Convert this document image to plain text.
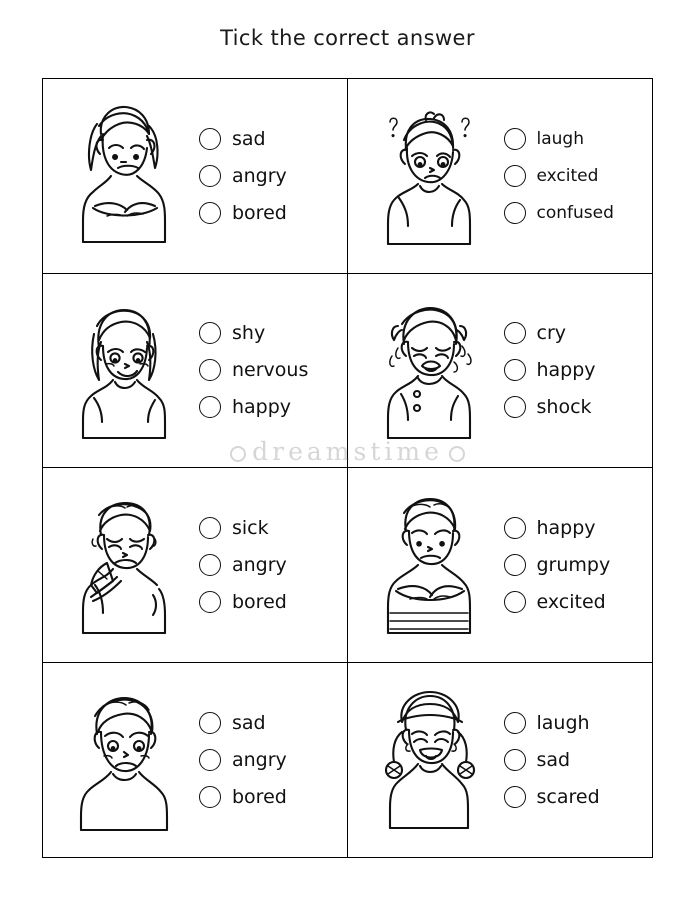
Tick the correct answer
sad
angry
bored
laugh
excited
confused
shy
nervous
happy
cry
happy
shock
sick
angry
bored
happy
grumpy
excited
sad
angry
bored
laugh
sad
scared
dreamstime
